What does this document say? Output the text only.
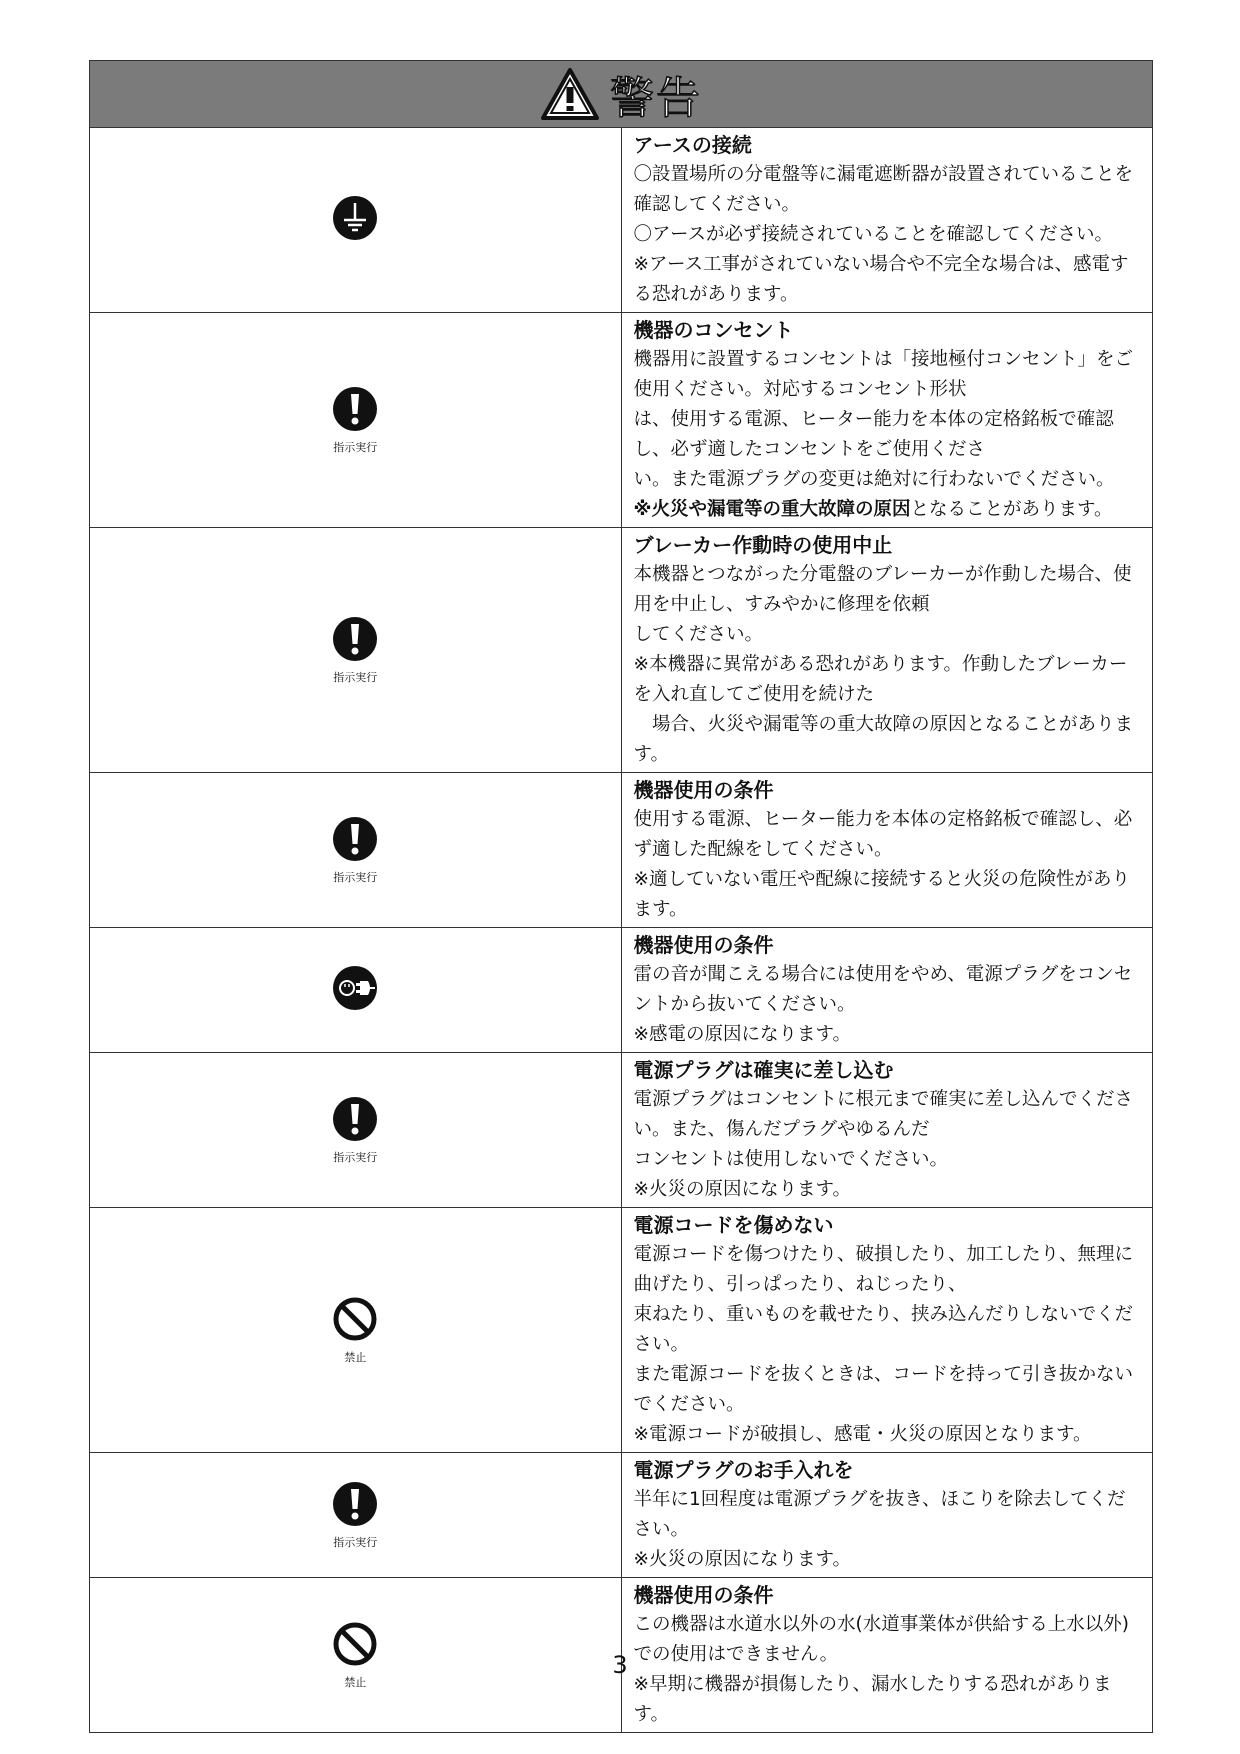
警告	

アースの接続
〇設置場所の分電盤等に漏電遮断器が設置されていることを確認してください。
〇アースが必ず接続されていることを確認してください。
※アース工事がされていない場合や不完全な場合は、感電する恐れがあります。

指示実行	機器のコンセント
機器用に設置するコンセントは「接地極付コンセント」をご使用ください。対応するコンセント形状
は、使用する電源、ヒーター能力を本体の定格銘板で確認し、必ず適したコンセントをご使用くださ
い。また電源プラグの変更は絶対に行わないでください。
※火災や漏電等の重大故障の原因となることがあります。

指示実行	ブレーカー作動時の使用中止
本機器とつながった分電盤のブレーカーが作動した場合、使用を中止し、すみやかに修理を依頼
してください。
※本機器に異常がある恐れがあります。作動したブレーカーを入れ直してご使用を続けた
　場合、火災や漏電等の重大故障の原因となることがあります。

指示実行	機器使用の条件
使用する電源、ヒーター能力を本体の定格銘板で確認し、必ず適した配線をしてください。
※適していない電圧や配線に接続すると火災の危険性があります。

機器使用の条件
雷の音が聞こえる場合には使用をやめ、電源プラグをコンセントから抜いてください。
※感電の原因になります。

指示実行	電源プラグは確実に差し込む
電源プラグはコンセントに根元まで確実に差し込んでください。また、傷んだプラグやゆるんだ
コンセントは使用しないでください。
※火災の原因になります。

禁止	電源コードを傷めない
電源コードを傷つけたり、破損したり、加工したり、無理に曲げたり、引っぱったり、ねじったり、
束ねたり、重いものを載せたり、挟み込んだりしないでください。
また電源コードを抜くときは、コードを持って引き抜かないでください。
※電源コードが破損し、感電・火災の原因となります。

指示実行	電源プラグのお手入れを
半年に1回程度は電源プラグを抜き、ほこりを除去してください。
※火災の原因になります。

禁止	機器使用の条件
この機器は水道水以外の水(水道事業体が供給する上水以外)での使用はできません。
※早期に機器が損傷したり、漏水したりする恐れがあります。
3
